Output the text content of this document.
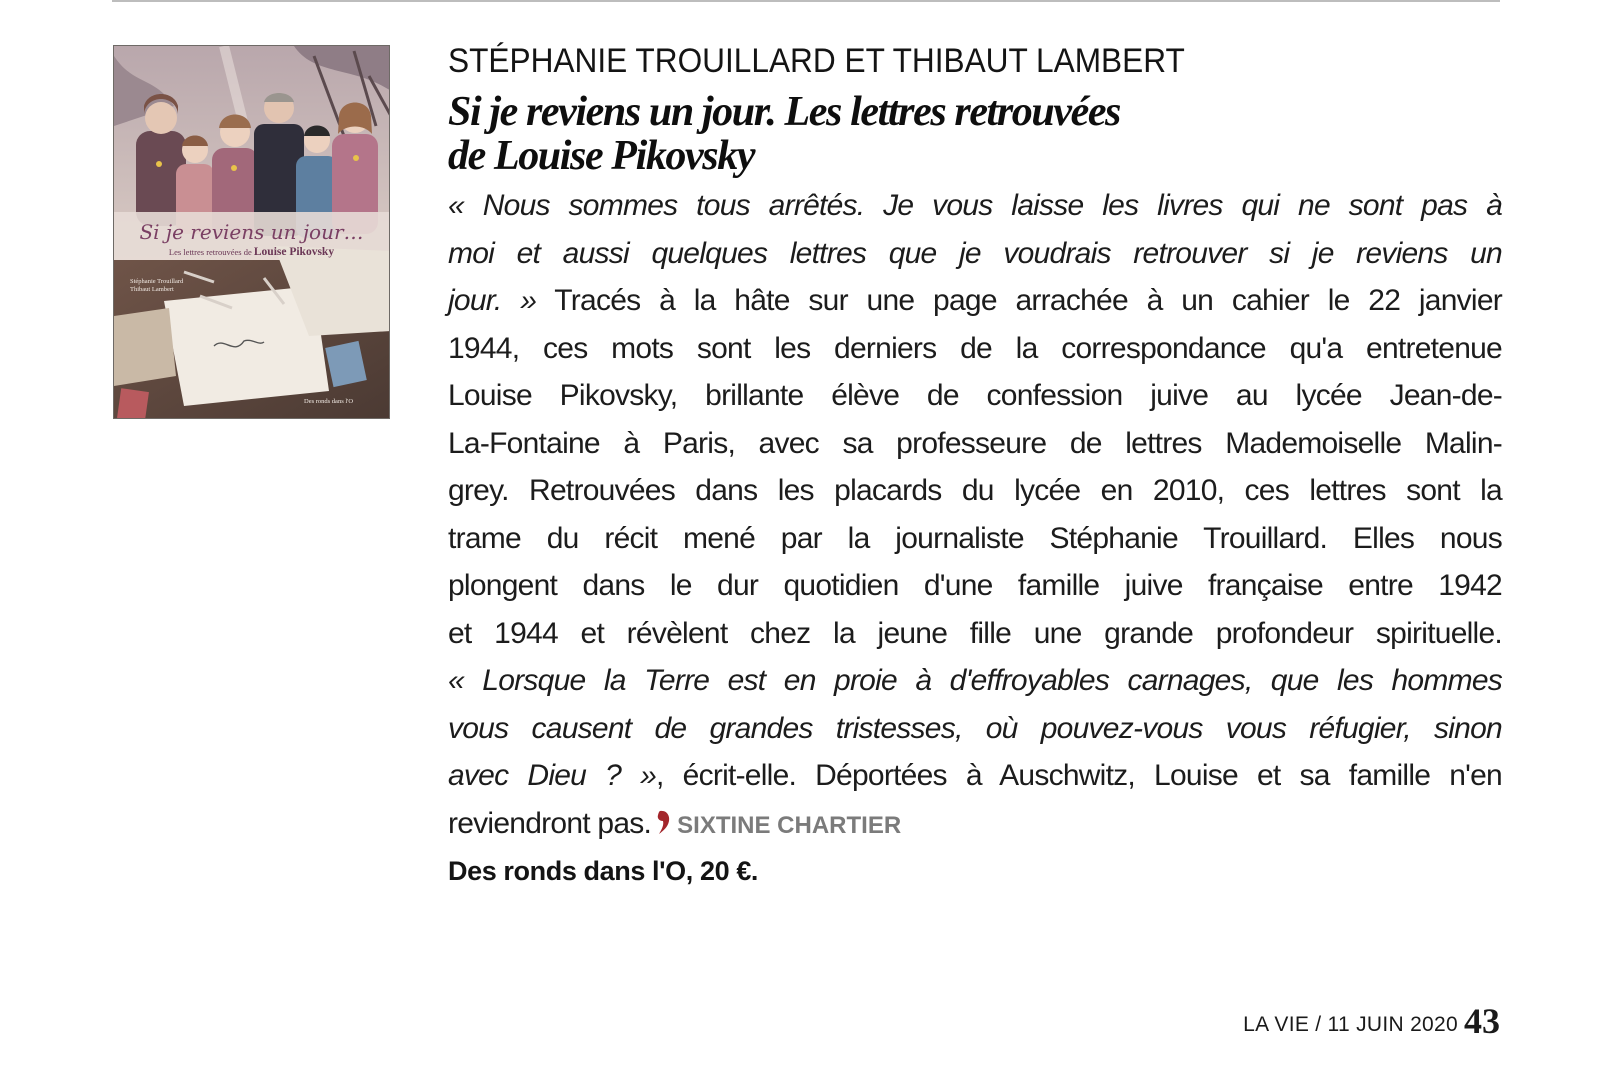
Si je reviens un jour…
Les lettres retrouvées de Louise Pikovsky
Stéphanie Trouillard
Thibaut Lambert
Des ronds dans l'O
STÉPHANIE TROUILLARD ET THIBAUT LAMBERT
Si je reviens un jour. Les lettres retrouvées
de Louise Pikovsky
« Nous sommes tous arrêtés. Je vous laisse les livres qui ne sont pas à
moi et aussi quelques lettres que je voudrais retrouver si je reviens un
jour. » Tracés à la hâte sur une page arrachée à un cahier le 22 janvier
1944, ces mots sont les derniers de la correspondance qu'a entretenue
Louise Pikovsky, brillante élève de confession juive au lycée Jean-de-
La-Fontaine à Paris, avec sa professeure de lettres Mademoiselle Malin-
grey. Retrouvées dans les placards du lycée en 2010, ces lettres sont la
trame du récit mené par la journaliste Stéphanie Trouillard. Elles nous
plongent dans le dur quotidien d'une famille juive française entre 1942
et 1944 et révèlent chez la jeune fille une grande profondeur spirituelle.
« Lorsque la Terre est en proie à d'effroyables carnages, que les hommes
vous causent de grandes tristesses, où pouvez-vous vous réfugier, sinon
avec Dieu ? », écrit-elle. Déportées à Auschwitz, Louise et sa famille n'en
reviendront pas. SIXTINE CHARTIER
Des ronds dans l'O, 20 €.
LA VIE / 11 JUIN 2020 43
